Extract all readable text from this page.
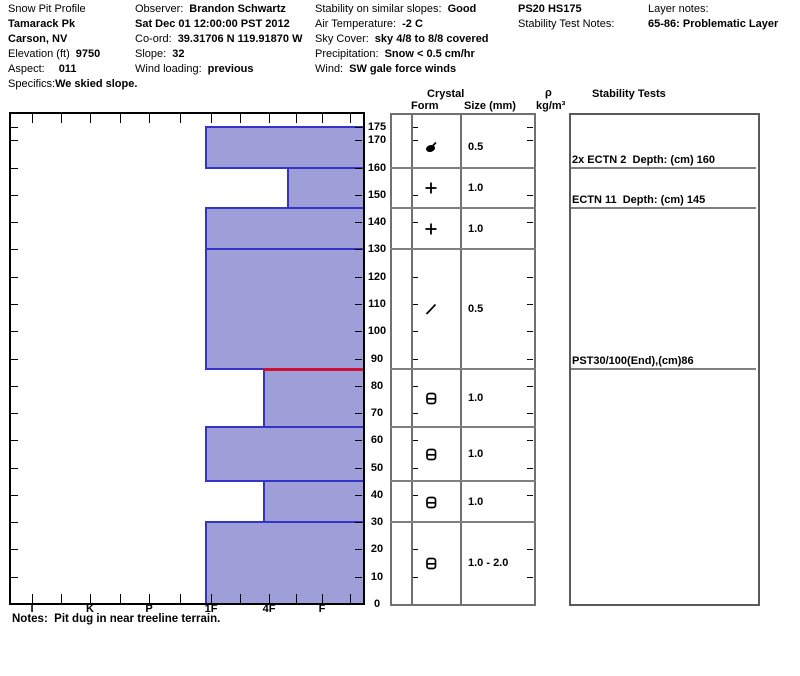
Snow Pit Profile
Tamarack Pk
Carson, NV
Elevation (ft) 9750
Aspect: 011
Specifics:We skied slope.
Observer: Brandon Schwartz
Sat Dec 01 12:00:00 PST 2012
Co-ord: 39.31706 N 119.91870 W
Slope: 32
Wind loading: previous
Stability on similar slopes: Good
Air Temperature: -2 C
Sky Cover: sky 4/8 to 8/8 covered
Precipitation: Snow < 0.5 cm/hr
Wind: SW gale force winds
PS20 HS175
Stability Test Notes:
Layer notes:
65-86: Problematic Layer
Crystal
Form Size (mm)
ρ
kg/m³
Stability Tests
Notes: Pit dug in near treeline terrain.
I	K	P	1F	4F	F
175
170
160
150
140
130
120
110
100
90
80
70
60
50
40
30
20
10
0
0.5
1.0
1.0
0.5
1.0
1.0
1.0
1.0 - 2.0
2x ECTN 2  Depth: (cm) 160
ECTN 11  Depth: (cm) 145
PST30/100(End),(cm)86
